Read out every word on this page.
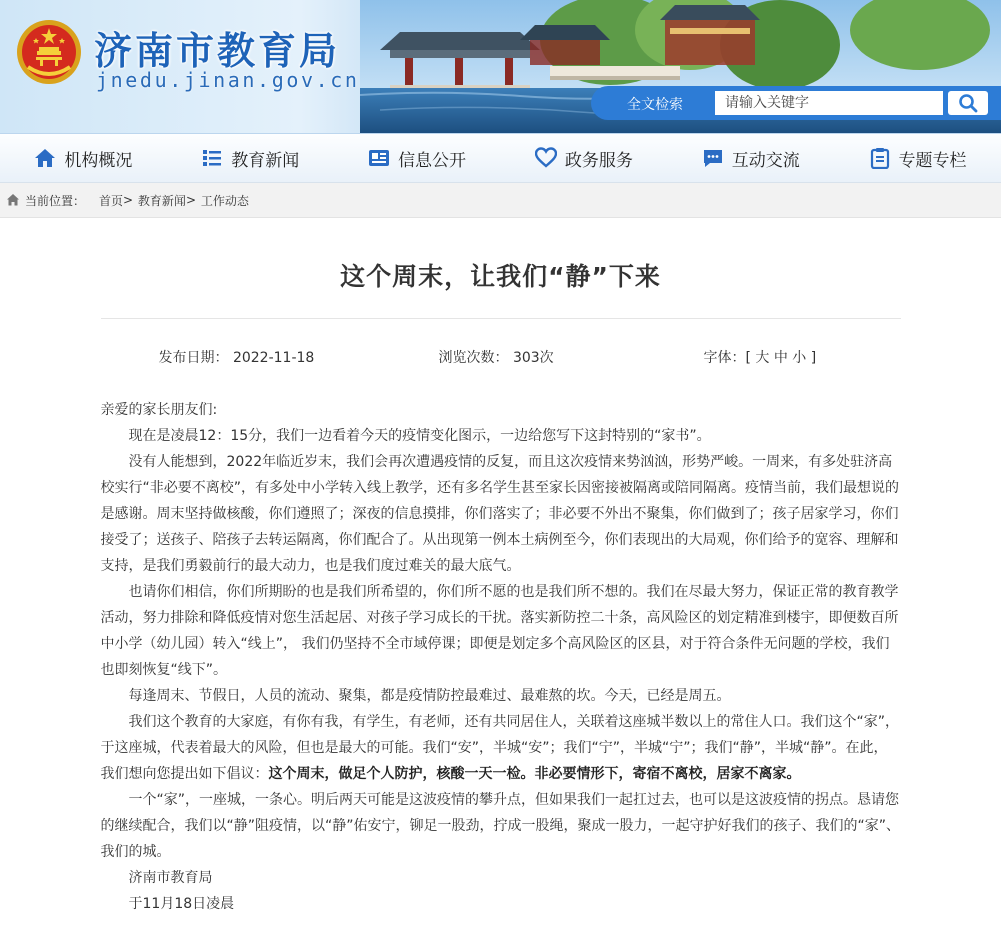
济南市教育局
jnedu.jinan.gov.cn
全文检索
请输入关键字
机构概况	教育新闻	信息公开	政务服务	互动交流	专题专栏
当前位置： 首页 >
教育新闻 >
工作动态
这个周末，让我们“静”下来
发布日期： 2022-11-18	浏览次数： 303次	字体：[ 大 中 小 ]

亲爱的家长朋友们:

现在是凌晨12：15分，我们一边看着今天的疫情变化图示，一边给您写下这封特别的“家书”。

没有人能想到，2022年临近岁末，我们会再次遭遇疫情的反复，而且这次疫情来势汹汹，形势严峻。一周来，有多处驻济高校实行“非必要不离校”，有多处中小学转入线上教学，还有多名学生甚至家长因密接被隔离或陪同隔离。疫情当前，我们最想说的是感谢。周末坚持做核酸，你们遵照了；深夜的信息摸排，你们落实了；非必要不外出不聚集，你们做到了；孩子居家学习，你们接受了；送孩子、陪孩子去转运隔离，你们配合了。从出现第一例本土病例至今，你们表现出的大局观，你们给予的宽容、理解和支持，是我们勇毅前行的最大动力，也是我们度过难关的最大底气。

也请你们相信，你们所期盼的也是我们所希望的，你们所不愿的也是我们所不想的。我们在尽最大努力，保证正常的教育教学活动，努力排除和降低疫情对您生活起居、对孩子学习成长的干扰。落实新防控二十条，高风险区的划定精准到楼宇，即便数百所中小学（幼儿园）转入“线上”， 我们仍坚持不全市域停课；即便是划定多个高风险区的区县，对于符合条件无问题的学校，我们也即刻恢复“线下”。

每逢周末、节假日，人员的流动、聚集，都是疫情防控最难过、最难熬的坎。今天，已经是周五。

我们这个教育的大家庭，有你有我，有学生，有老师，还有共同居住人，关联着这座城半数以上的常住人口。我们这个“家”，于这座城，代表着最大的风险，但也是最大的可能。我们“安”，半城“安”；我们“宁”，半城“宁”；我们“静”，半城“静”。在此，我们想向您提出如下倡议：这个周末，做足个人防护，核酸一天一检。非必要情形下，寄宿不离校，居家不离家。

一个“家”，一座城，一条心。明后两天可能是这波疫情的攀升点，但如果我们一起扛过去，也可以是这波疫情的拐点。恳请您的继续配合，我们以“静”阻疫情，以“静”佑安宁，铆足一股劲，拧成一股绳，聚成一股力，一起守护好我们的孩子、我们的“家”、我们的城。

济南市教育局

于11月18日凌晨
